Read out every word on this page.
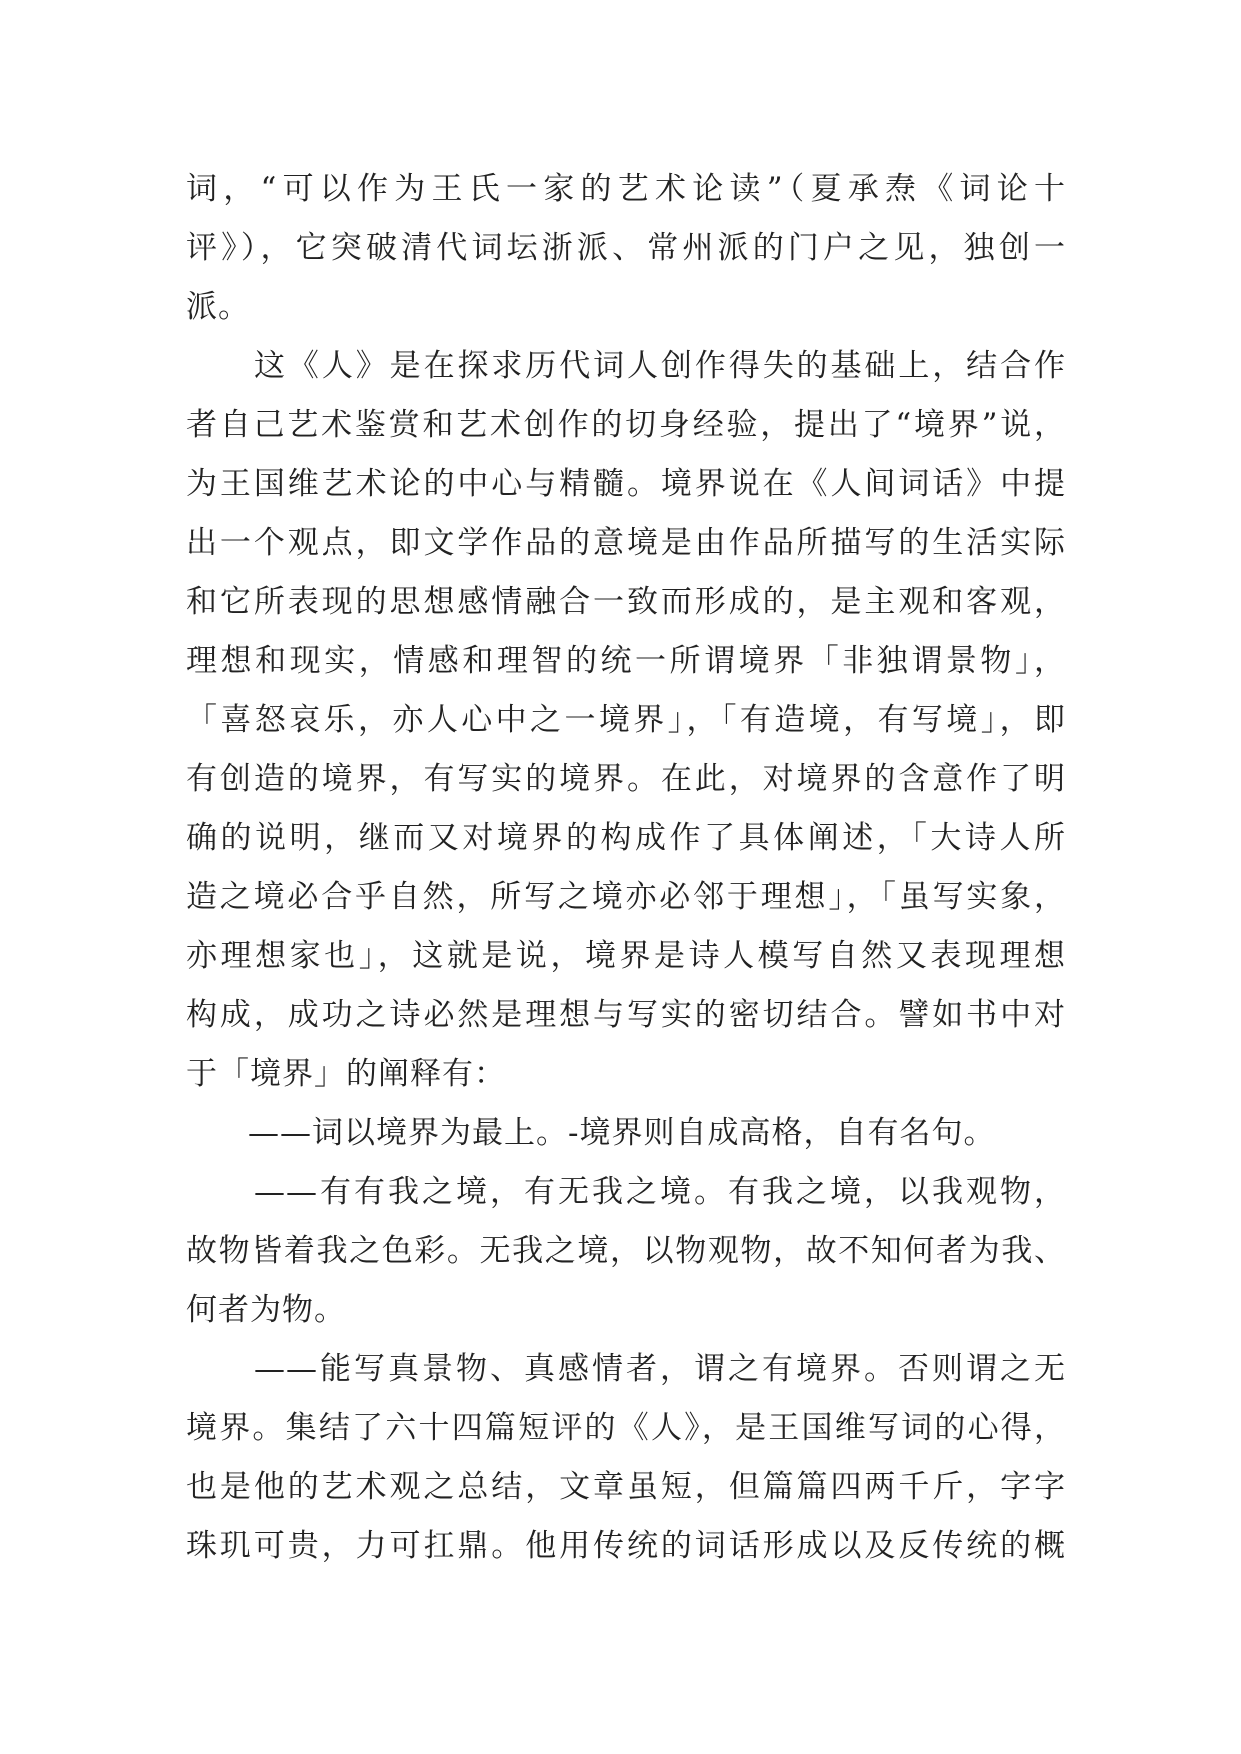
词，“可以作为王氏一家的艺术论读”（夏承焘《词论十
评》），它突破清代词坛浙派、常州派的门户之见，独创一
派。
这《人》是在探求历代词人创作得失的基础上，结合作
者自己艺术鉴赏和艺术创作的切身经验，提出了“境界”说，
为王国维艺术论的中心与精髓。境界说在《人间词话》中提
出一个观点，即文学作品的意境是由作品所描写的生活实际
和它所表现的思想感情融合一致而形成的，是主观和客观，
理想和现实，情感和理智的统一所谓境界「非独谓景物」，
「喜怒哀乐，亦人心中之一境界」，「有造境，有写境」，即
有创造的境界，有写实的境界。在此，对境界的含意作了明
确的说明，继而又对境界的构成作了具体阐述，「大诗人所
造之境必合乎自然，所写之境亦必邻于理想」，「虽写实象，
亦理想家也」，这就是说，境界是诗人模写自然又表现理想
构成，成功之诗必然是理想与写实的密切结合。譬如书中对
于「境界」的阐释有：
——词以境界为最上。-境界则自成高格，自有名句。
——有有我之境，有无我之境。有我之境，以我观物，
故物皆着我之色彩。无我之境，以物观物，故不知何者为我、
何者为物。
——能写真景物、真感情者，谓之有境界。否则谓之无
境界。集结了六十四篇短评的《人》，是王国维写词的心得，
也是他的艺术观之总结，文章虽短，但篇篇四两千斤，字字
珠玑可贵，力可扛鼎。他用传统的词话形成以及反传统的概
